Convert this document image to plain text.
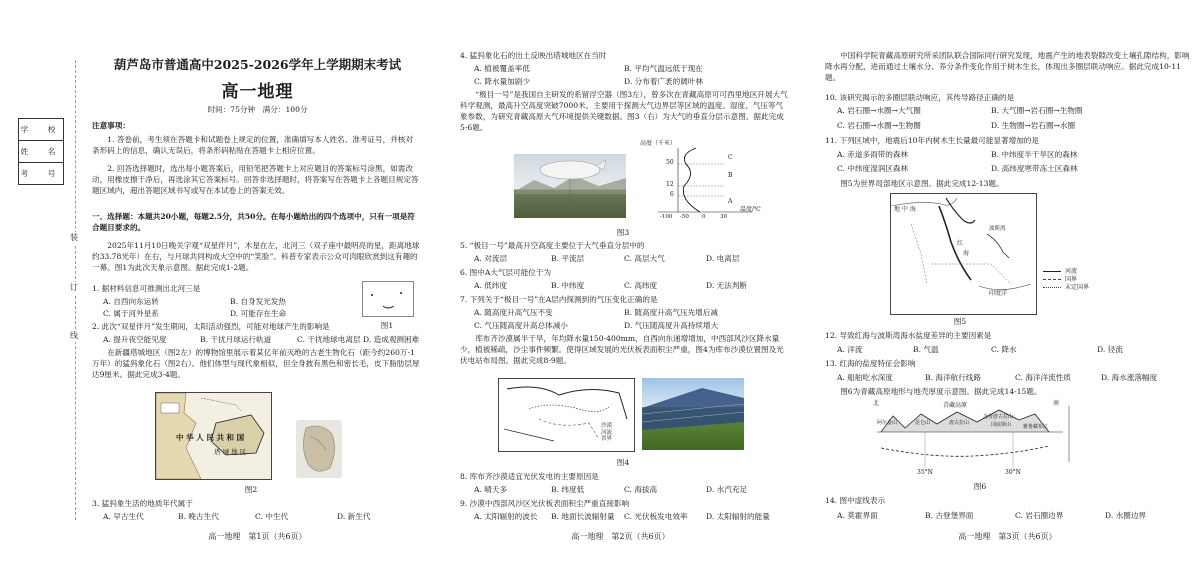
学　校
姓　名
考　号
装
订
线
葫芦岛市普通高中2025-2026学年上学期期末考试
高一地理
时间：75分钟　满分：100分
注意事项：
1. 答卷前，考生须在答题卡和试题卷上规定的位置，准确填写本人姓名、准考证号，并核对条形码上的信息，确认无误后，将条形码粘贴在答题卡上相应位置。
2. 回答选择题时，选出每小题答案后，用铅笔把答题卡上对应题目的答案标号涂黑，如需改动，用橡皮擦干净后，再选涂其它答案标号。回答非选择题时，将答案写在答题卡上各题目规定答题区域内，超出答题区域书写或写在本试卷上的答案无效。
一、选择题：本题共20小题，每题2.5分，共50分。在每小题给出的四个选项中，只有一项是符合题目要求的。
2025年11月10日晚关字观“双星伴月”，木星在左，北河三（双子座中最明亮的星，距离地球约33.78光年）在右，与月球共同构成大空中的“笑脸”。科普专家表示公众可肉眼欣赏到这有趣的一幕。图1为此次天象示意图。据此完成1-2题。
1. 据材料信息可推测出北河三是
A. 自西向东运转	B. 自身发光发热
C. 属于河外星系	D. 可能存在生命
图1
2. 此次“双星伴月”发生期间，太阳活动强烈，可能对地球产生的影响是
A. 提升夜空能见度	B. 干扰月球运行轨道	C. 干扰地球电离层 D. 造成观测困难
在新疆塔城地区（图2左）的博物馆里展示着某亿年前灭绝的古老生物化石（距今约260万-1万年）的猛犸象化石（图2右）。他们体型与现代象相似，但全身披有黑色和密长毛，皮下脂肪层厚达9厘米。据此完成3-4题。
中 华 人 民 共 和 国
塔 城 地 区
图2
3. 猛犸象生活的地质年代属于
A. 早古生代	B. 晚古生代	C. 中生代	D. 新生代
高一地理　第1页（共6页）
4. 猛犸象化石的出土反映出塔城地区在当时
A. 植被覆盖率低	B. 平均气温远低于现在
C. 降水量加剧少	D. 分布着广袤的阔叶林
“极目一号”是我国自主研发的系留浮空器（图3左），曾多次在青藏高原可可西里地区开展大气科学观测，最高升空高度突破7000米。主要用于探测大气边界层等区域的温度、湿度、气压等气象参数，为研究青藏高原大气环境提供关键数据。图3（右）为大气的垂直分层示意图。据此完成5-6题。
高度（千米）
温度/℃
50
12
6
-100 -50 0	30
C
B
A
图3
5. “极目一号”最高升空高度主要位于大气垂直分层中的
A. 对流层	B. 平流层	C. 高层大气	D. 电离层
6. 图中A大气层可能位于为
A. 低纬度	B. 中纬度	C. 高纬度	D. 无法判断
7. 下列关于“极目一号”在A层内探测到的气压变化正确的是
A. 随高度升高气压不变	B. 随高度升高气压先增后减
C. 气压随高度升高总体减小	D. 气压随高度升高持续增大
库布齐沙漠属半干旱，年均降水量150-400mm，自西向东递增增加，中西部风沙区降水量少，植被稀疏，沙尘事件频繁。使得区域发展的光伏板表面积尘严重，图4为库布沙漠位置图及光伏电站布局图。据此完成8-9题。
沙漠
河流
省界
图4
8. 库布齐沙漠适宜光伏发电的主要原因是
A. 晴天多	B. 纬度低	C. 海拔高	D. 水汽充足
9. 沙漠中西部风沙区光伏板表面积尘严重直接影响
A. 太阳辐射的波长 B. 地面长波辐射量 C. 光伏板发电效率 D. 太阳辐射的能量
高一地理　第2页（共6页）
中国科学院青藏高原研究所采团队联合国际同行研究发现，地震产生的地表裂隙改变土壤孔隙结构，影响降水再分配，进而通过土壤水分、养分条件变化作用于树木生长，体现出多圈层联动响应。据此完成10-11题。
10. 该研究揭示的多圈层联动响应，其传导路径正确的是
A. 岩石圈→水圈→大气圈	B. 大气圈→岩石圈→生物圈
C. 岩石圈→水圈→生物圈	D. 生物圈→岩石圈→水圈
11. 下列区域中，地震后10年内树木生长量最可能显著增加的是
A. 赤道多雨带的森林	B. 中纬度半干旱区的森林
C. 中纬度湿润区森林	D. 高纬度寒带冻土区森林
图5为世界局部地区示意图。据此完成12-13题。
地 中 海
红
海
波斯湾
印度洋
河流
国界
未定国界
图5
12. 导致红海与波斯湾海水盐度差异的主要因素是
A. 洋流	B. 气温	C. 降水	D. 径流
13. 红海的盐度特征会影响
A. 船舶吃水深度	B. 海洋航行线路	C. 海洋洋流性质	D. 海水涨落幅度
图6为青藏高原地形与地壳厚度示意图。据此完成14-15题。
北	青藏高原	南
阿尔金山	昆仑山	唐古拉山
念青唐古拉山
冈底斯山 雅鲁藏布江
35°N	30°N
图6
14. 图中虚线表示
A. 莫霍界面	B. 古登堡界面	C. 岩石圈边界	D. 水圈边界
高一地理　第3页（共6页）
